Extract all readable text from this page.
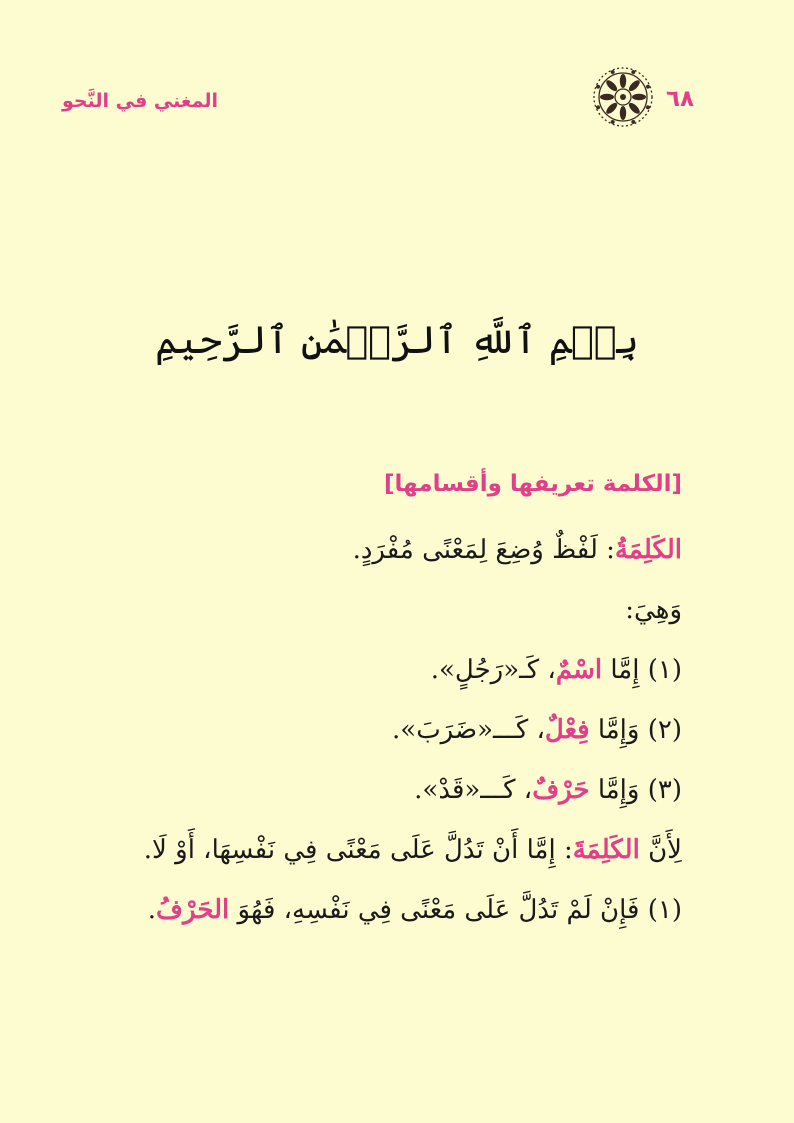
المغني في النَّحو	٦٨
بِسۡمِ ٱللَّهِ ٱلرَّحۡمَٰنِ ٱلرَّحِيمِ
[الكلمة تعريفها وأقسامها]

الكَلِمَةُ: لَفْظٌ وُضِعَ لِمَعْنًى مُفْرَدٍ.

وَهِيَ:

(١) إِمَّا اسْمٌ، كَـ«رَجُلٍ».

(٢) وَإِمَّا فِعْلٌ، كَـــ«ضَرَبَ».

(٣) وَإِمَّا حَرْفٌ، كَـــ«قَدْ».

لِأَنَّ الكَلِمَةَ: إِمَّا أَنْ تَدُلَّ عَلَى مَعْنًى فِي نَفْسِهَا، أَوْ لَا.

(١) فَإِنْ لَمْ تَدُلَّ عَلَى مَعْنًى فِي نَفْسِهِ، فَهُوَ الحَرْفُ.
